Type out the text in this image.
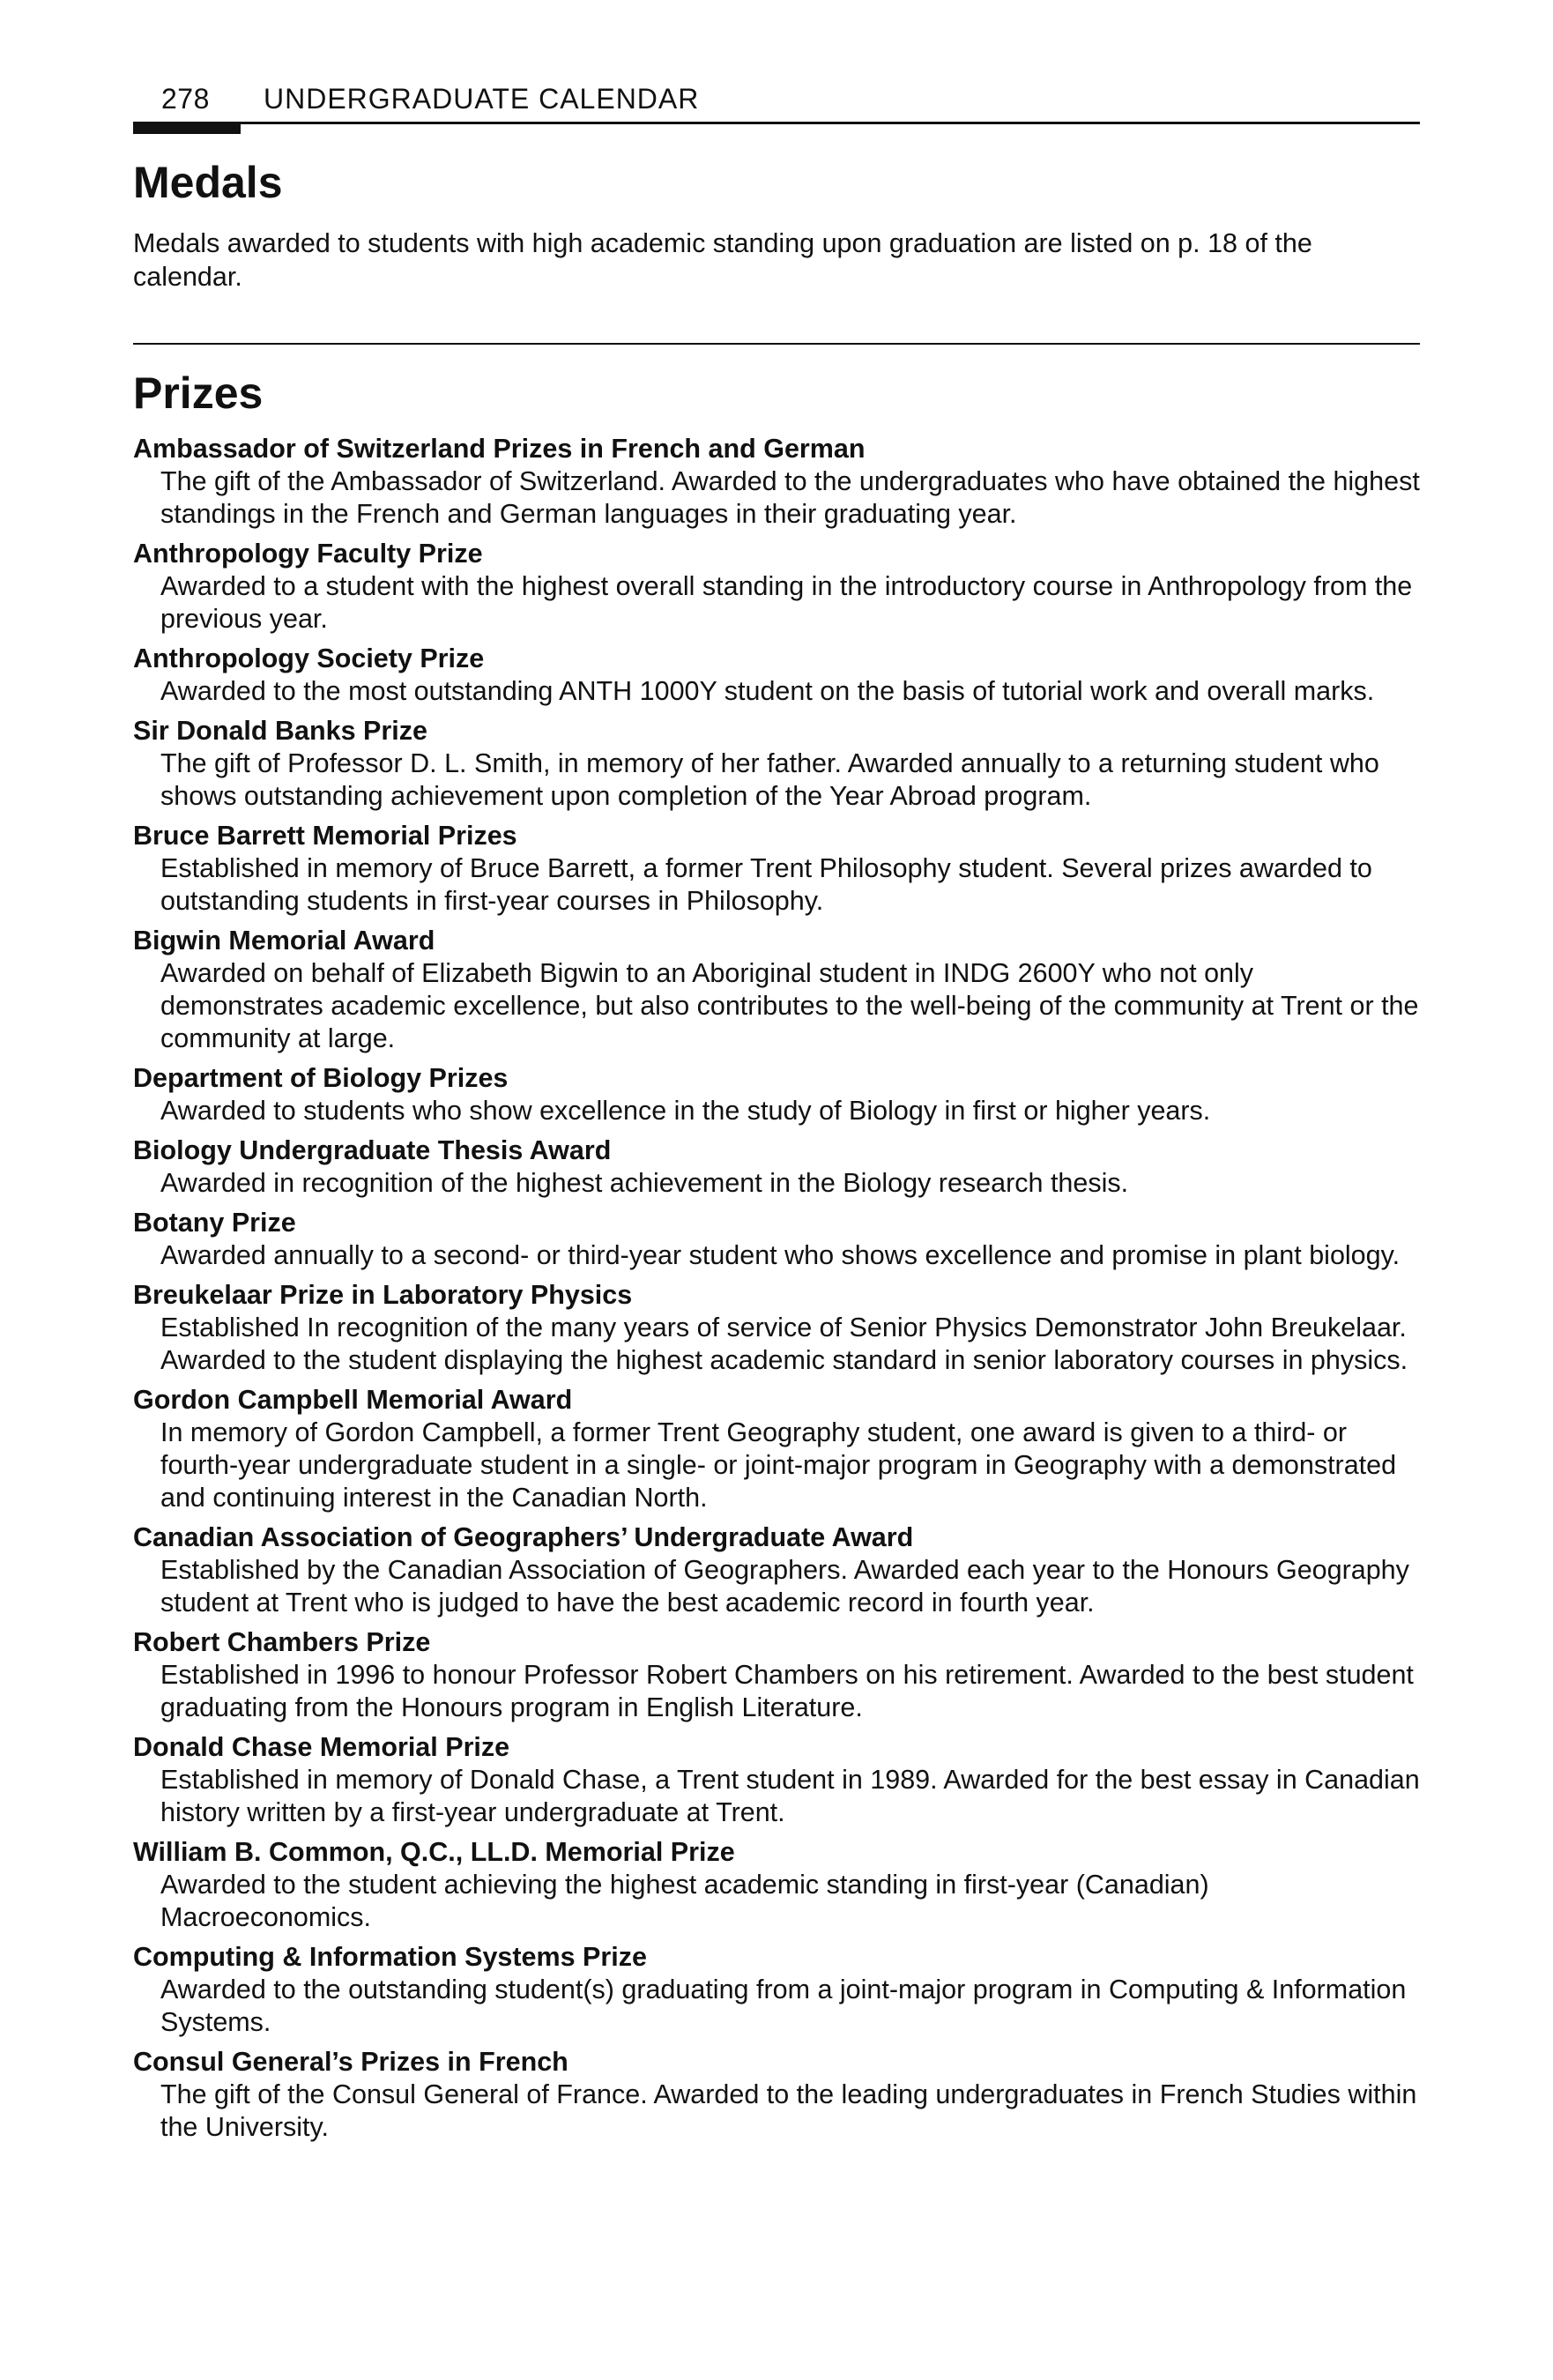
278 UNDERGRADUATE CALENDAR
Medals

Medals awarded to students with high academic standing upon graduation are listed on p. 18 of the calendar.

Prizes

Ambassador of Switzerland Prizes in French and German

The gift of the Ambassador of Switzerland. Awarded to the undergraduates who have obtained the highest standings in the French and German languages in their graduating year.

Anthropology Faculty Prize

Awarded to a student with the highest overall standing in the introductory course in Anthropology from the previous year.

Anthropology Society Prize

Awarded to the most outstanding ANTH 1000Y student on the basis of tutorial work and overall marks.

Sir Donald Banks Prize

The gift of Professor D. L. Smith, in memory of her father. Awarded annually to a returning student who shows outstanding achievement upon completion of the Year Abroad program.

Bruce Barrett Memorial Prizes

Established in memory of Bruce Barrett, a former Trent Philosophy student. Several prizes awarded to outstanding students in first-year courses in Philosophy.

Bigwin Memorial Award

Awarded on behalf of Elizabeth Bigwin to an Aboriginal student in INDG 2600Y who not only demonstrates academic excellence, but also contributes to the well-being of the community at Trent or the community at large.

Department of Biology Prizes

Awarded to students who show excellence in the study of Biology in first or higher years.

Biology Undergraduate Thesis Award

Awarded in recognition of the highest achievement in the Biology research thesis.

Botany Prize

Awarded annually to a second- or third-year student who shows excellence and promise in plant biology.

Breukelaar Prize in Laboratory Physics

Established In recognition of the many years of service of Senior Physics Demonstrator John Breukelaar. Awarded to the student displaying the highest academic standard in senior laboratory courses in physics.

Gordon Campbell Memorial Award

In memory of Gordon Campbell, a former Trent Geography student, one award is given to a third- or fourth-year undergraduate student in a single- or joint-major program in Geography with a demonstrated and continuing interest in the Canadian North.

Canadian Association of Geographers’ Undergraduate Award

Established by the Canadian Association of Geographers. Awarded each year to the Honours Geography student at Trent who is judged to have the best academic record in fourth year.

Robert Chambers Prize

Established in 1996 to honour Professor Robert Chambers on his retirement. Awarded to the best student graduating from the Honours program in English Literature.

Donald Chase Memorial Prize

Established in memory of Donald Chase, a Trent student in 1989. Awarded for the best essay in Canadian history written by a first-year undergraduate at Trent.

William B. Common, Q.C., LL.D. Memorial Prize

Awarded to the student achieving the highest academic standing in first-year (Canadian) Macroeconomics.

Computing & Information Systems Prize

Awarded to the outstanding student(s) graduating from a joint-major program in Computing & Information Systems.

Consul General’s Prizes in French

The gift of the Consul General of France. Awarded to the leading undergraduates in French Studies within the University.
